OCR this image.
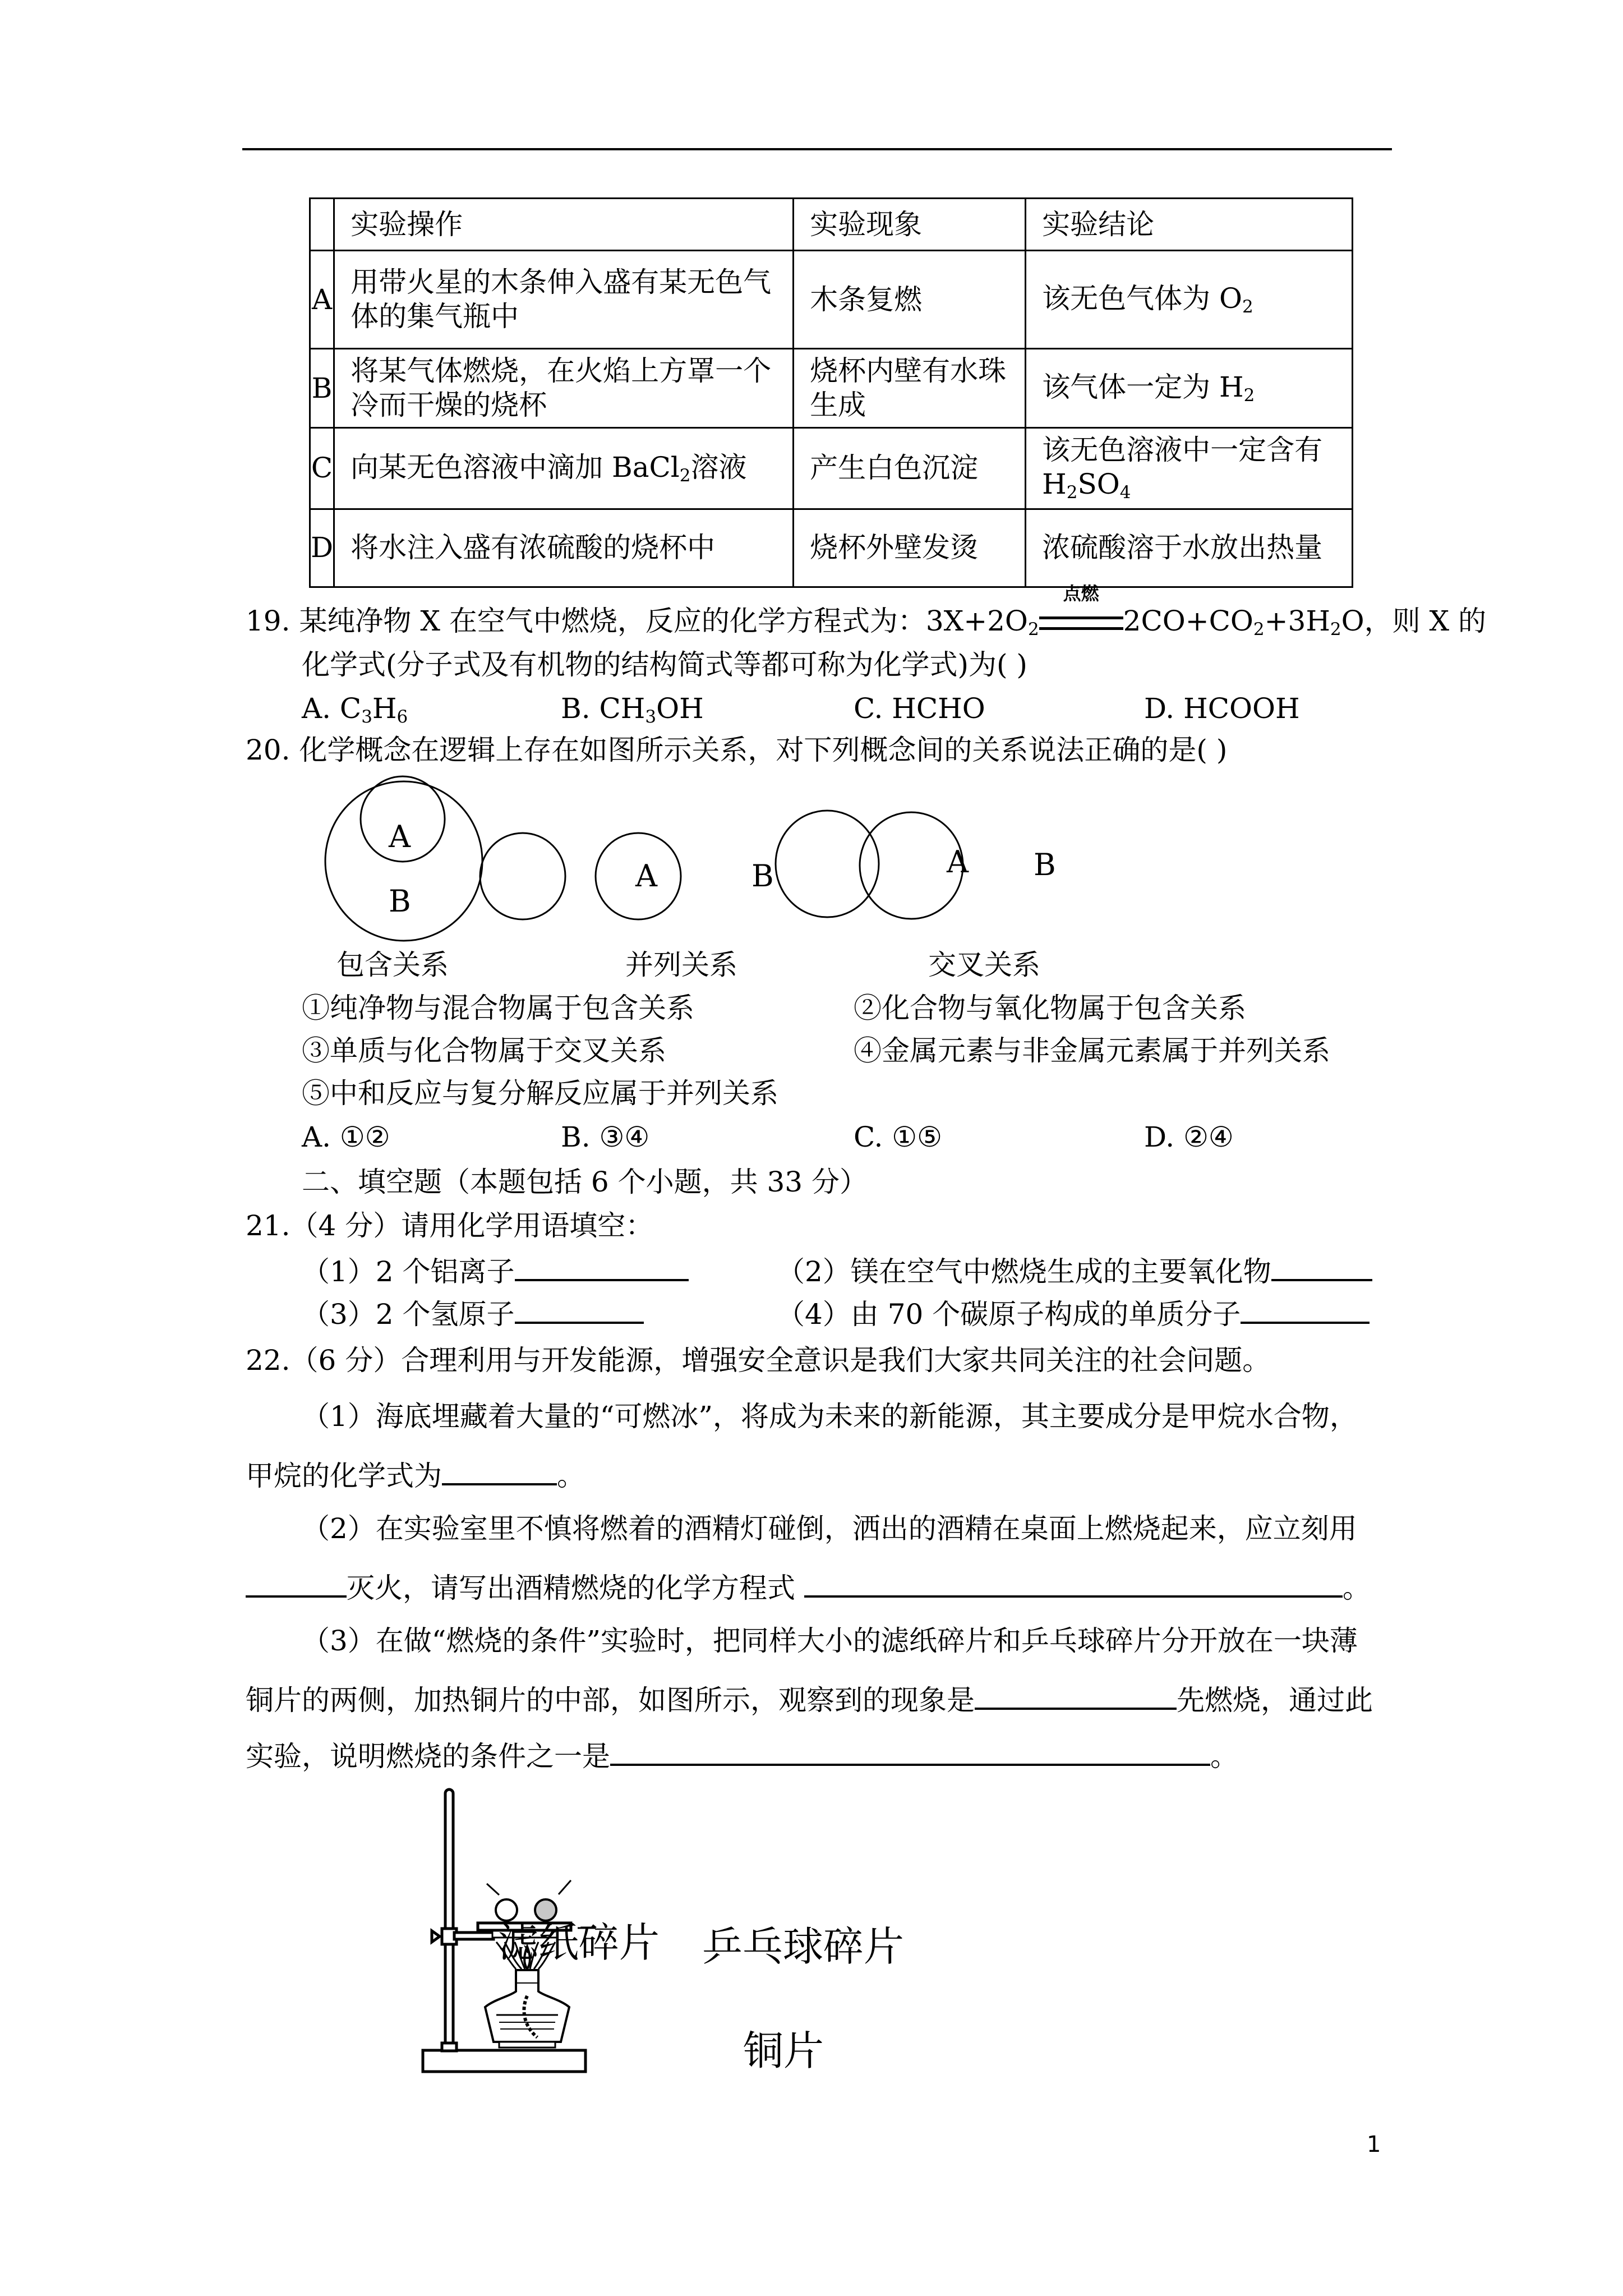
	实验操作	实验现象	实验结论
A	用带火星的木条伸入盛有某无色气体的集气瓶中	木条复燃	该无色气体为 $O_2$
B	将某气体燃烧，在火焰上方罩一个冷而干燥的烧杯	烧杯内壁有水珠生成	该气体一定为 $H_2$
C	向某无色溶液中滴加 BaCl$_2$溶液	产生白色沉淀	该无色溶液中一定含有 $H_2SO_4$
D	将水注入盛有浓硫酸的烧杯中	烧杯外壁发烫	浓硫酸溶于水放出热量
19. 某纯净物 X 在空气中燃烧，反应的化学方程式为：$3X+2O_2$
点燃
$2CO+CO_2+3H_2O$，则 X 的
化学式(分子式及有机物的结构简式等都可称为化学式)为( )
A. $C_3H_6$	B. $CH_3OH$	C. HCHO	D. HCOOH
20. 化学概念在逻辑上存在如图所示关系，对下列概念间的关系说法正确的是( )
A
B
A	B	A B
包含关系	并列关系	交叉关系
①纯净物与混合物属于包含关系	②化合物与氧化物属于包含关系
③单质与化合物属于交叉关系	④金属元素与非金属元素属于并列关系
⑤中和反应与复分解反应属于并列关系
A. ①②	B. ③④	C. ①⑤	D. ②④
二、填空题（本题包括 6 个小题，共 33 分）
21.（4 分）请用化学用语填空：
（1）2 个铝离子	（2）镁在空气中燃烧生成的主要氧化物
（3）2 个氢原子	（4）由 70 个碳原子构成的单质分子
22.（6 分）合理利用与开发能源，增强安全意识是我们大家共同关注的社会问题。
（1）海底埋藏着大量的“可燃冰”，将成为未来的新能源，其主要成分是甲烷水合物，
甲烷的化学式为	。
（2）在实验室里不慎将燃着的酒精灯碰倒，洒出的酒精在桌面上燃烧起来，应立刻用
灭火，请写出酒精燃烧的化学方程式	。
（3）在做“燃烧的条件”实验时，把同样大小的滤纸碎片和乒乓球碎片分开放在一块薄
铜片的两侧，加热铜片的中部，如图所示，观察到的现象是	先燃烧，通过此
实验，说明燃烧的条件之一是	。
滤纸碎片 乒乓球碎片
铜片
1
